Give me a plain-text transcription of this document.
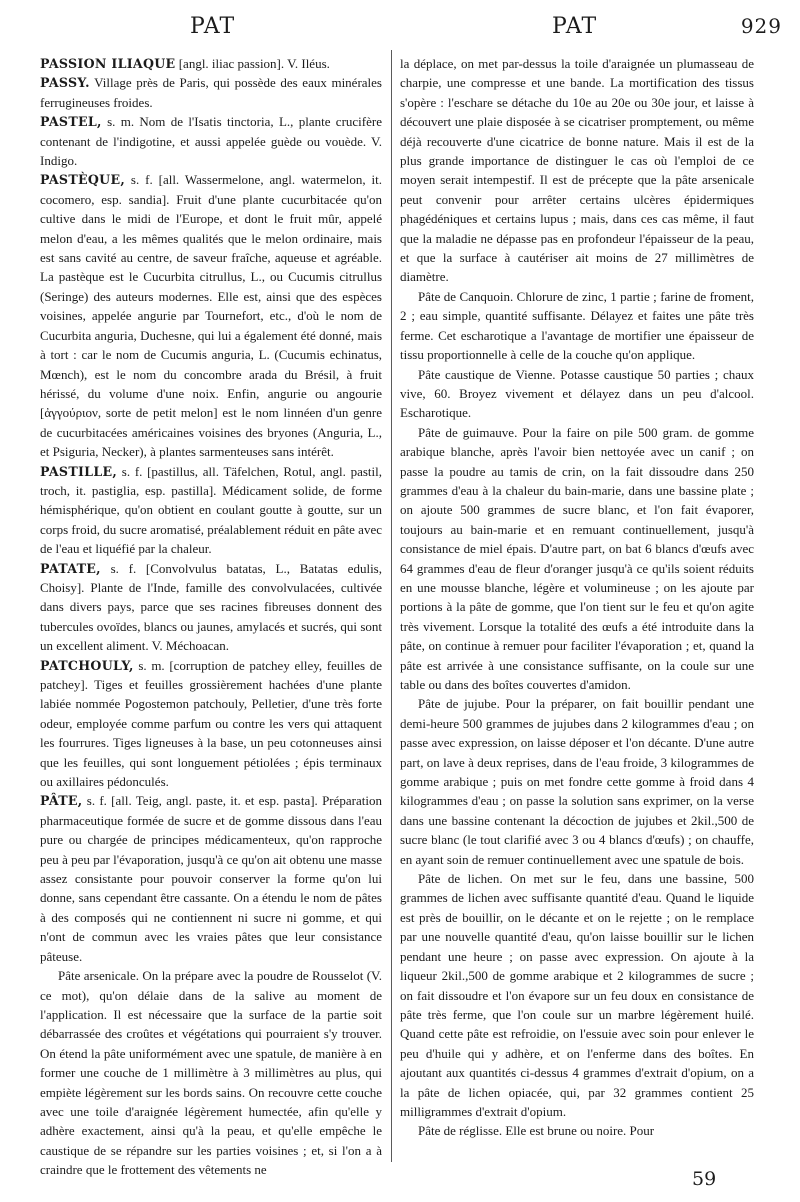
PAT	PAT	929

PASSION ILIAQUE [angl. iliac passion]. V. Iléus.

PASSY. Village près de Paris, qui possède des eaux minérales ferrugineuses froides.

PASTEL, s. m. Nom de l'Isatis tinctoria, L., plante crucifère contenant de l'indigotine, et aussi appelée guède ou vouède. V. Indigo.

PASTÈQUE, s. f. [all. Wassermelone, angl. watermelon, it. cocomero, esp. sandia]. Fruit d'une plante cucurbitacée qu'on cultive dans le midi de l'Europe, et dont le fruit mûr, appelé melon d'eau, a les mêmes qualités que le melon ordinaire, mais est sans cavité au centre, de saveur fraîche, aqueuse et agréable. La pastèque est le Cucurbita citrullus, L., ou Cucumis citrullus (Seringe) des auteurs modernes. Elle est, ainsi que des espèces voisines, appelée angurie par Tournefort, etc., d'où le nom de Cucurbita anguria, Duchesne, qui lui a également été donné, mais à tort : car le nom de Cucumis anguria, L. (Cucumis echinatus, Mœnch), est le nom du concombre arada du Brésil, à fruit hérissé, du volume d'une noix. Enfin, angurie ou angourie [ἀγγούριον, sorte de petit melon] est le nom linnéen d'un genre de cucurbitacées américaines voisines des bryones (Anguria, L., et Psiguria, Necker), à plantes sarmenteuses sans intérêt.

PASTILLE, s. f. [pastillus, all. Täfelchen, Rotul, angl. pastil, troch, it. pastiglia, esp. pastilla]. Médicament solide, de forme hémisphérique, qu'on obtient en coulant goutte à goutte, sur un corps froid, du sucre aromatisé, préalablement réduit en pâte avec de l'eau et liquéfié par la chaleur.

PATATE, s. f. [Convolvulus batatas, L., Batatas edulis, Choisy]. Plante de l'Inde, famille des convolvulacées, cultivée dans divers pays, parce que ses racines fibreuses donnent des tubercules ovoïdes, blancs ou jaunes, amylacés et sucrés, qui sont un excellent aliment. V. Méchoacan.

PATCHOULY, s. m. [corruption de patchey elley, feuilles de patchey]. Tiges et feuilles grossièrement hachées d'une plante labiée nommée Pogostemon patchouly, Pelletier, d'une très forte odeur, employée comme parfum ou contre les vers qui attaquent les fourrures. Tiges ligneuses à la base, un peu cotonneuses ainsi que les feuilles, qui sont longuement pétiolées ; épis terminaux ou axillaires pédonculés.

PÂTE, s. f. [all. Teig, angl. paste, it. et esp. pasta]. Préparation pharmaceutique formée de sucre et de gomme dissous dans l'eau pure ou chargée de principes médicamenteux, qu'on rapproche peu à peu par l'évaporation, jusqu'à ce qu'on ait obtenu une masse assez consistante pour pouvoir conserver la forme qu'on lui donne, sans cependant être cassante. On a étendu le nom de pâtes à des composés qui ne contiennent ni sucre ni gomme, et qui n'ont de commun avec les vraies pâtes que leur consistance pâteuse.

Pâte arsenicale. On la prépare avec la poudre de Rousselot (V. ce mot), qu'on délaie dans de la salive au moment de l'application. Il est nécessaire que la surface de la partie soit débarrassée des croûtes et végétations qui pourraient s'y trouver. On étend la pâte uniformément avec une spatule, de manière à en former une couche de 1 millimètre à 3 millimètres au plus, qui empiète légèrement sur les bords sains. On recouvre cette couche avec une toile d'araignée légèrement humectée, afin qu'elle y adhère exactement, ainsi qu'à la peau, et qu'elle empêche le caustique de se répandre sur les parties voisines ; et, si l'on a à craindre que le frottement des vêtements ne

la déplace, on met par-dessus la toile d'araignée un plumasseau de charpie, une compresse et une bande. La mortification des tissus s'opère : l'eschare se détache du 10e au 20e ou 30e jour, et laisse à découvert une plaie disposée à se cicatriser promptement, ou même déjà recouverte d'une cicatrice de bonne nature. Mais il est de la plus grande importance de distinguer le cas où l'emploi de ce moyen serait intempestif. Il est de précepte que la pâte arsenicale peut convenir pour arrêter certains ulcères épidermiques phagédéniques et certains lupus ; mais, dans ces cas même, il faut que la maladie ne dépasse pas en profondeur l'épaisseur de la peau, et que la surface à cautériser ait moins de 27 millimètres de diamètre.

Pâte de Canquoin. Chlorure de zinc, 1 partie ; farine de froment, 2 ; eau simple, quantité suffisante. Délayez et faites une pâte très ferme. Cet escharotique a l'avantage de mortifier une épaisseur de tissu proportionnelle à celle de la couche qu'on applique.

Pâte caustique de Vienne. Potasse caustique 50 parties ; chaux vive, 60. Broyez vivement et délayez dans un peu d'alcool. Escharotique.

Pâte de guimauve. Pour la faire on pile 500 gram. de gomme arabique blanche, après l'avoir bien nettoyée avec un canif ; on passe la poudre au tamis de crin, on la fait dissoudre dans 250 grammes d'eau à la chaleur du bain-marie, dans une bassine plate ; on ajoute 500 grammes de sucre blanc, et l'on fait évaporer, toujours au bain-marie et en remuant continuellement, jusqu'à consistance de miel épais. D'autre part, on bat 6 blancs d'œufs avec 64 grammes d'eau de fleur d'oranger jusqu'à ce qu'ils soient réduits en une mousse blanche, légère et volumineuse ; on les ajoute par portions à la pâte de gomme, que l'on tient sur le feu et qu'on agite très vivement. Lorsque la totalité des œufs a été introduite dans la pâte, on continue à remuer pour faciliter l'évaporation ; et, quand la pâte est arrivée à une consistance suffisante, on la coule sur une table ou dans des boîtes couvertes d'amidon.

Pâte de jujube. Pour la préparer, on fait bouillir pendant une demi-heure 500 grammes de jujubes dans 2 kilogrammes d'eau ; on passe avec expression, on laisse déposer et l'on décante. D'une autre part, on lave à deux reprises, dans de l'eau froide, 3 kilogrammes de gomme arabique ; puis on met fondre cette gomme à froid dans 4 kilogrammes d'eau ; on passe la solution sans exprimer, on la verse dans une bassine contenant la décoction de jujubes et 2kil.,500 de sucre blanc (le tout clarifié avec 3 ou 4 blancs d'œufs) ; on chauffe, en ayant soin de remuer continuellement avec une spatule de bois.

Pâte de lichen. On met sur le feu, dans une bassine, 500 grammes de lichen avec suffisante quantité d'eau. Quand le liquide est près de bouillir, on le décante et on le rejette ; on le remplace par une nouvelle quantité d'eau, qu'on laisse bouillir sur le lichen pendant une heure ; on passe avec expression. On ajoute à la liqueur 2kil.,500 de gomme arabique et 2 kilogrammes de sucre ; on fait dissoudre et l'on évapore sur un feu doux en consistance de pâte très ferme, que l'on coule sur un marbre légèrement huilé. Quand cette pâte est refroidie, on l'essuie avec soin pour enlever le peu d'huile qui y adhère, et on l'enferme dans des boîtes. En ajoutant aux quantités ci-dessus 4 grammes d'extrait d'opium, on a la pâte de lichen opiacée, qui, par 32 grammes contient 25 milligrammes d'extrait d'opium.

Pâte de réglisse. Elle est brune ou noire. Pour

59
